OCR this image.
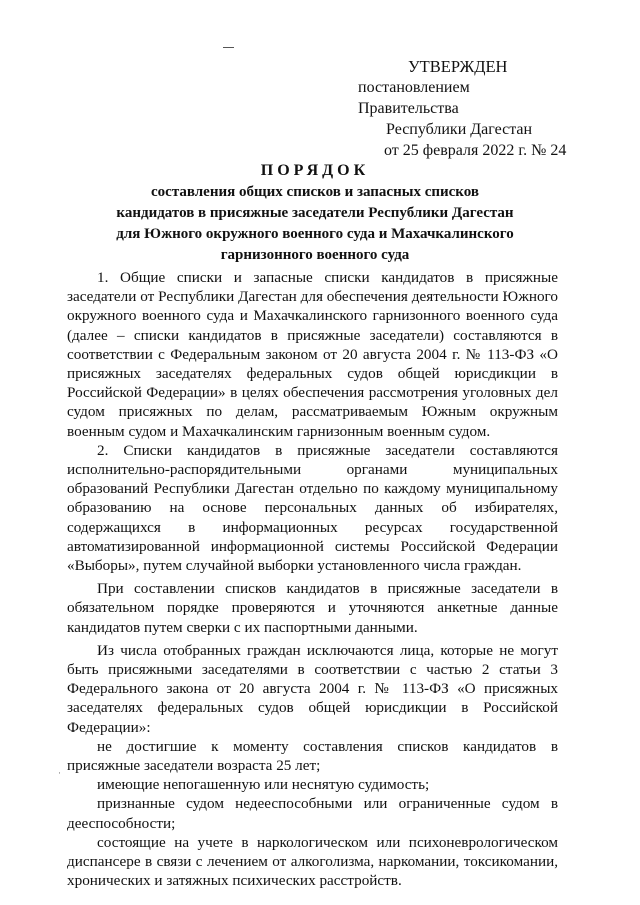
УТВЕРЖДЕН
постановлением Правительства
Республики Дагестан
от 25 февраля 2022 г. № 24
ПОРЯДОК
составления общих списков и запасных списков
кандидатов в присяжные заседатели Республики Дагестан
для Южного окружного военного суда и Махачкалинского
гарнизонного военного суда

1. Общие списки и запасные списки кандидатов в присяжные заседатели от Республики Дагестан для обеспечения деятельности Южного окружного военного суда и Махачкалинского гарнизонного военного суда (далее – списки кандидатов в присяжные заседатели) составляются в соответствии с Федеральным законом от 20 августа 2004 г. № 113-ФЗ «О присяжных заседателях федеральных судов общей юрисдикции в Российской Федерации» в целях обеспечения рассмотрения уголовных дел судом присяжных по делам, рассматриваемым Южным окружным военным судом и Махачкалинским гарнизонным военным судом.

2. Списки кандидатов в присяжные заседатели составляются исполнительно-распорядительными органами муниципальных образований Республики Дагестан отдельно по каждому муниципальному образованию на основе персональных данных об избирателях, содержащихся в информационных ресурсах государственной автоматизированной информационной системы Российской Федерации «Выборы», путем случайной выборки установленного числа граждан.

При составлении списков кандидатов в присяжные заседатели в обязательном порядке проверяются и уточняются анкетные данные кандидатов путем сверки с их паспортными данными.

Из числа отобранных граждан исключаются лица, которые не могут быть присяжными заседателями в соответствии с частью 2 статьи 3 Федерального закона от 20 августа 2004 г. № 113-ФЗ «О присяжных заседателях федеральных судов общей юрисдикции в Российской Федерации»:

не достигшие к моменту составления списков кандидатов в присяжные заседатели возраста 25 лет;

имеющие непогашенную или неснятую судимость;

признанные судом недееспособными или ограниченные судом в дееспособности;

состоящие на учете в наркологическом или психоневрологическом диспансере в связи с лечением от алкоголизма, наркомании, токсикомании, хронических и затяжных психических расстройств.

·
